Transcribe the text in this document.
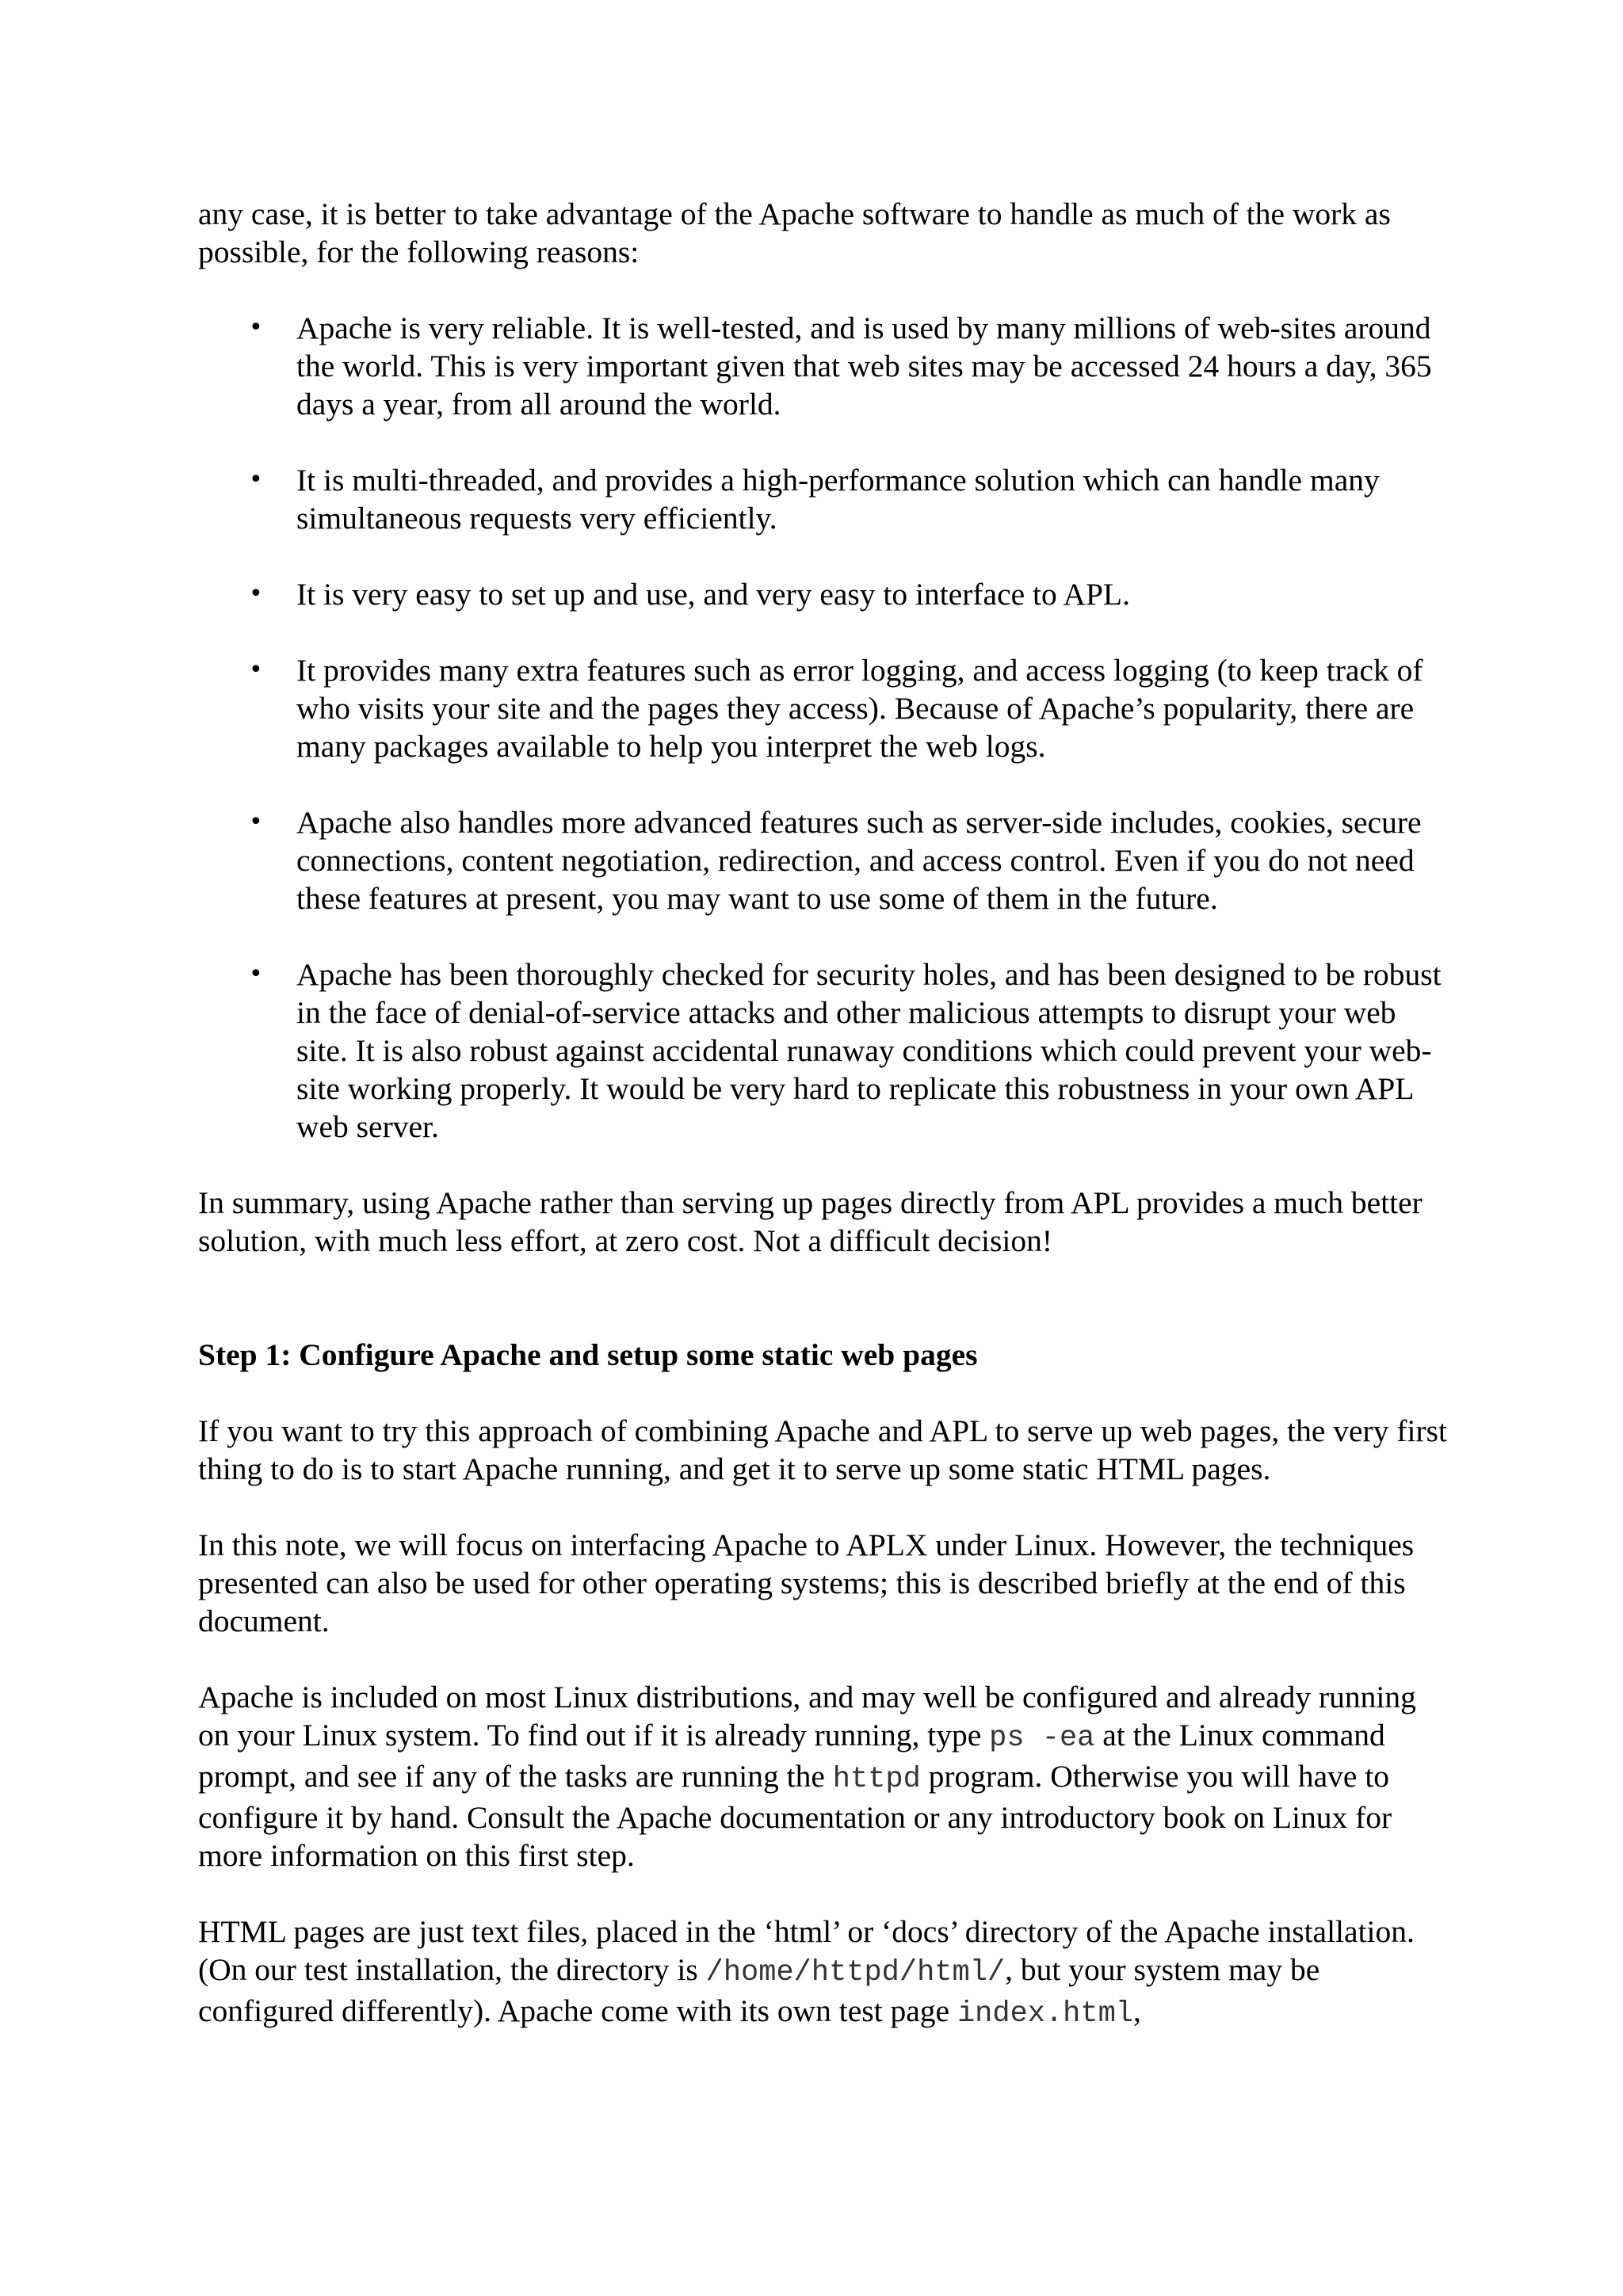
any case, it is better to take advantage of the Apache software to handle as much of the work as possible, for the following reasons:

• Apache is very reliable. It is well-tested, and is used by many millions of web-sites around the world. This is very important given that web sites may be accessed 24 hours a day, 365 days a year, from all around the world.
• It is multi-threaded, and provides a high-performance solution which can handle many simultaneous requests very efficiently.
• It is very easy to set up and use, and very easy to interface to APL.
• It provides many extra features such as error logging, and access logging (to keep track of who visits your site and the pages they access). Because of Apache’s popularity, there are many packages available to help you interpret the web logs.
• Apache also handles more advanced features such as server-side includes, cookies, secure connections, content negotiation, redirection, and access control. Even if you do not need these features at present, you may want to use some of them in the future.
• Apache has been thoroughly checked for security holes, and has been designed to be robust in the face of denial-of-service attacks and other malicious attempts to disrupt your web site. It is also robust against accidental runaway conditions which could prevent your web-site working properly. It would be very hard to replicate this robustness in your own APL web server.

In summary, using Apache rather than serving up pages directly from APL provides a much better solution, with much less effort, at zero cost. Not a difficult decision!

Step 1: Configure Apache and setup some static web pages

If you want to try this approach of combining Apache and APL to serve up web pages, the very first thing to do is to start Apache running, and get it to serve up some static HTML pages.

In this note, we will focus on interfacing Apache to APLX under Linux. However, the techniques presented can also be used for other operating systems; this is described briefly at the end of this document.

Apache is included on most Linux distributions, and may well be configured and already running on your Linux system. To find out if it is already running, type ps -ea at the Linux command prompt, and see if any of the tasks are running the httpd program. Otherwise you will have to configure it by hand. Consult the Apache documentation or any introductory book on Linux for more information on this first step.

HTML pages are just text files, placed in the ‘html’ or ‘docs’ directory of the Apache installation. (On our test installation, the directory is /home/httpd/html/, but your system may be configured differently). Apache come with its own test page index.html,
